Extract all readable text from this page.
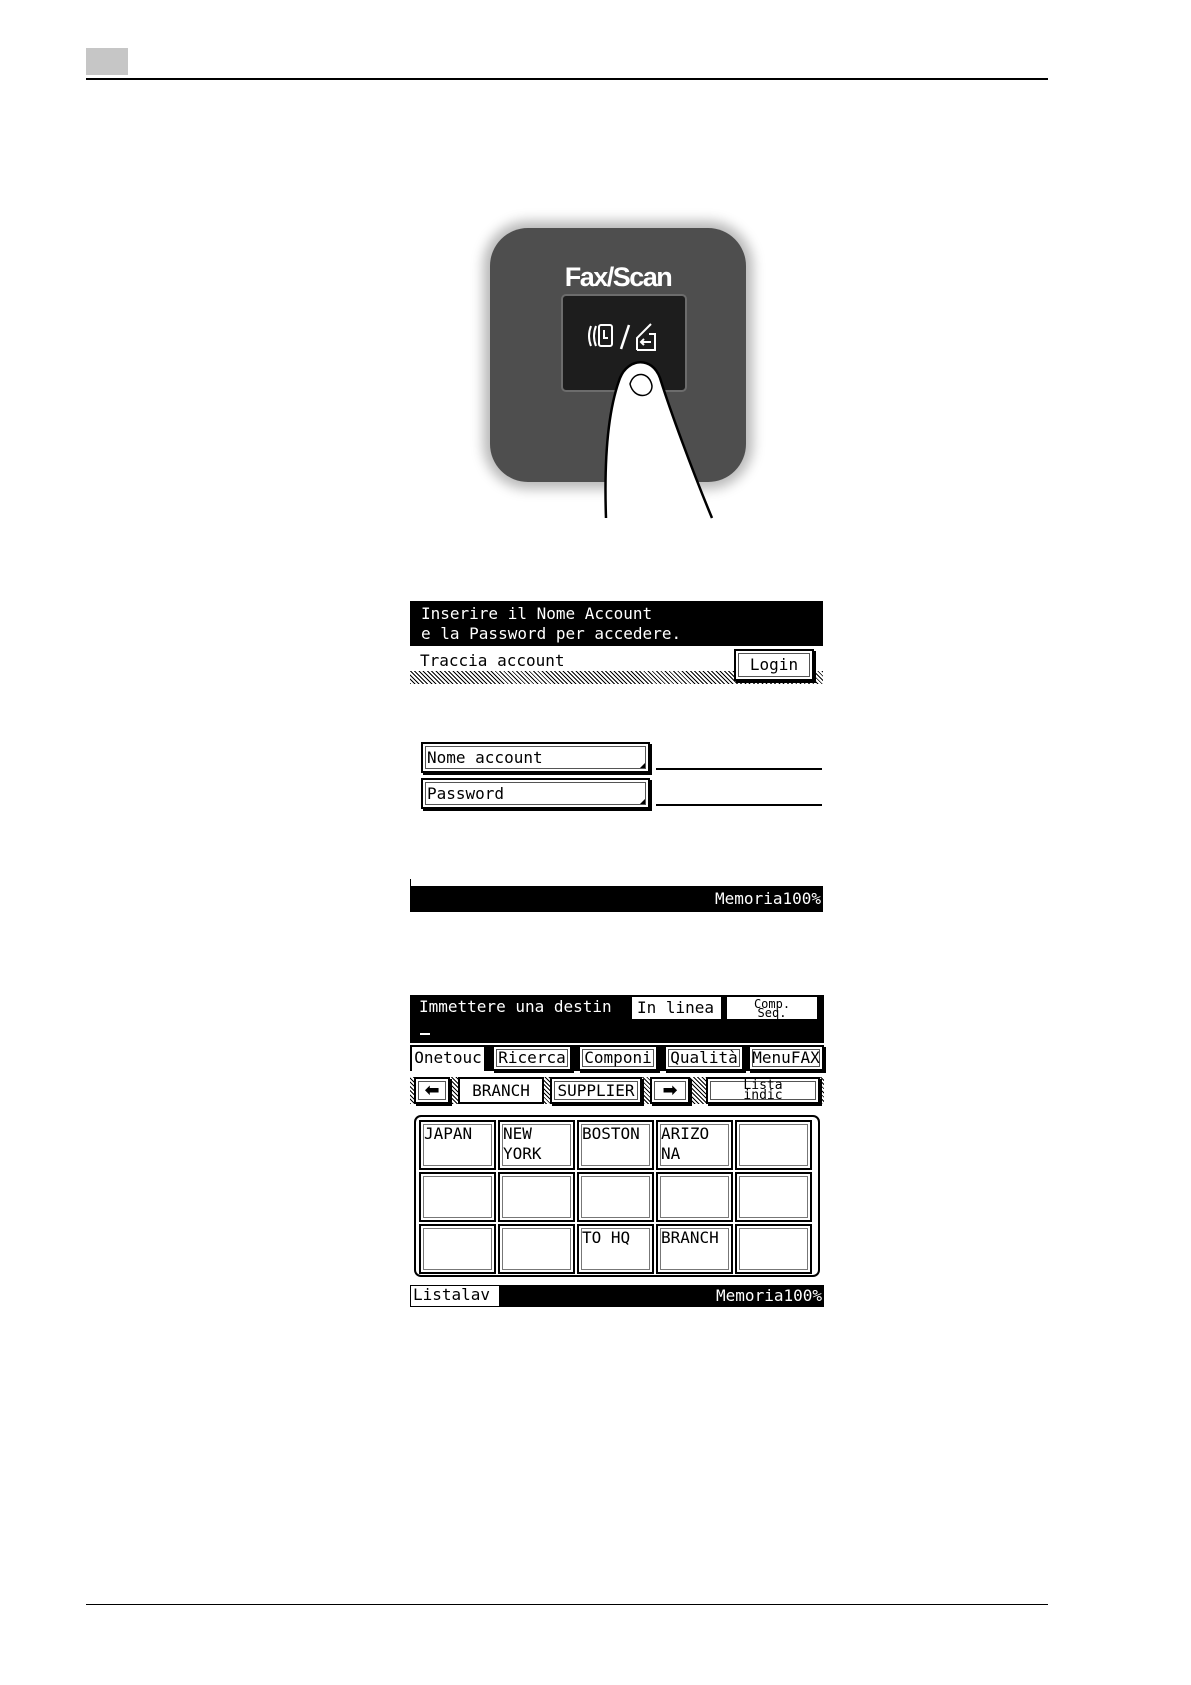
Fax/Scan
Inserire il Nome Account
e la Password per accedere.
Traccia account	Login
Nome account
Password
Memoria100%
Immettere una destin	In linea	Comp.
Seq.
Onetouc	Ricerca	Componi	Qualità MenuFAX
⬅	BRANCH	SUPPLIER	➡	Lista
indic
JAPAN	NEW
YORK
BOSTON	ARIZO
NA
TO HQ	BRANCH
Memoria100%
Listalav
